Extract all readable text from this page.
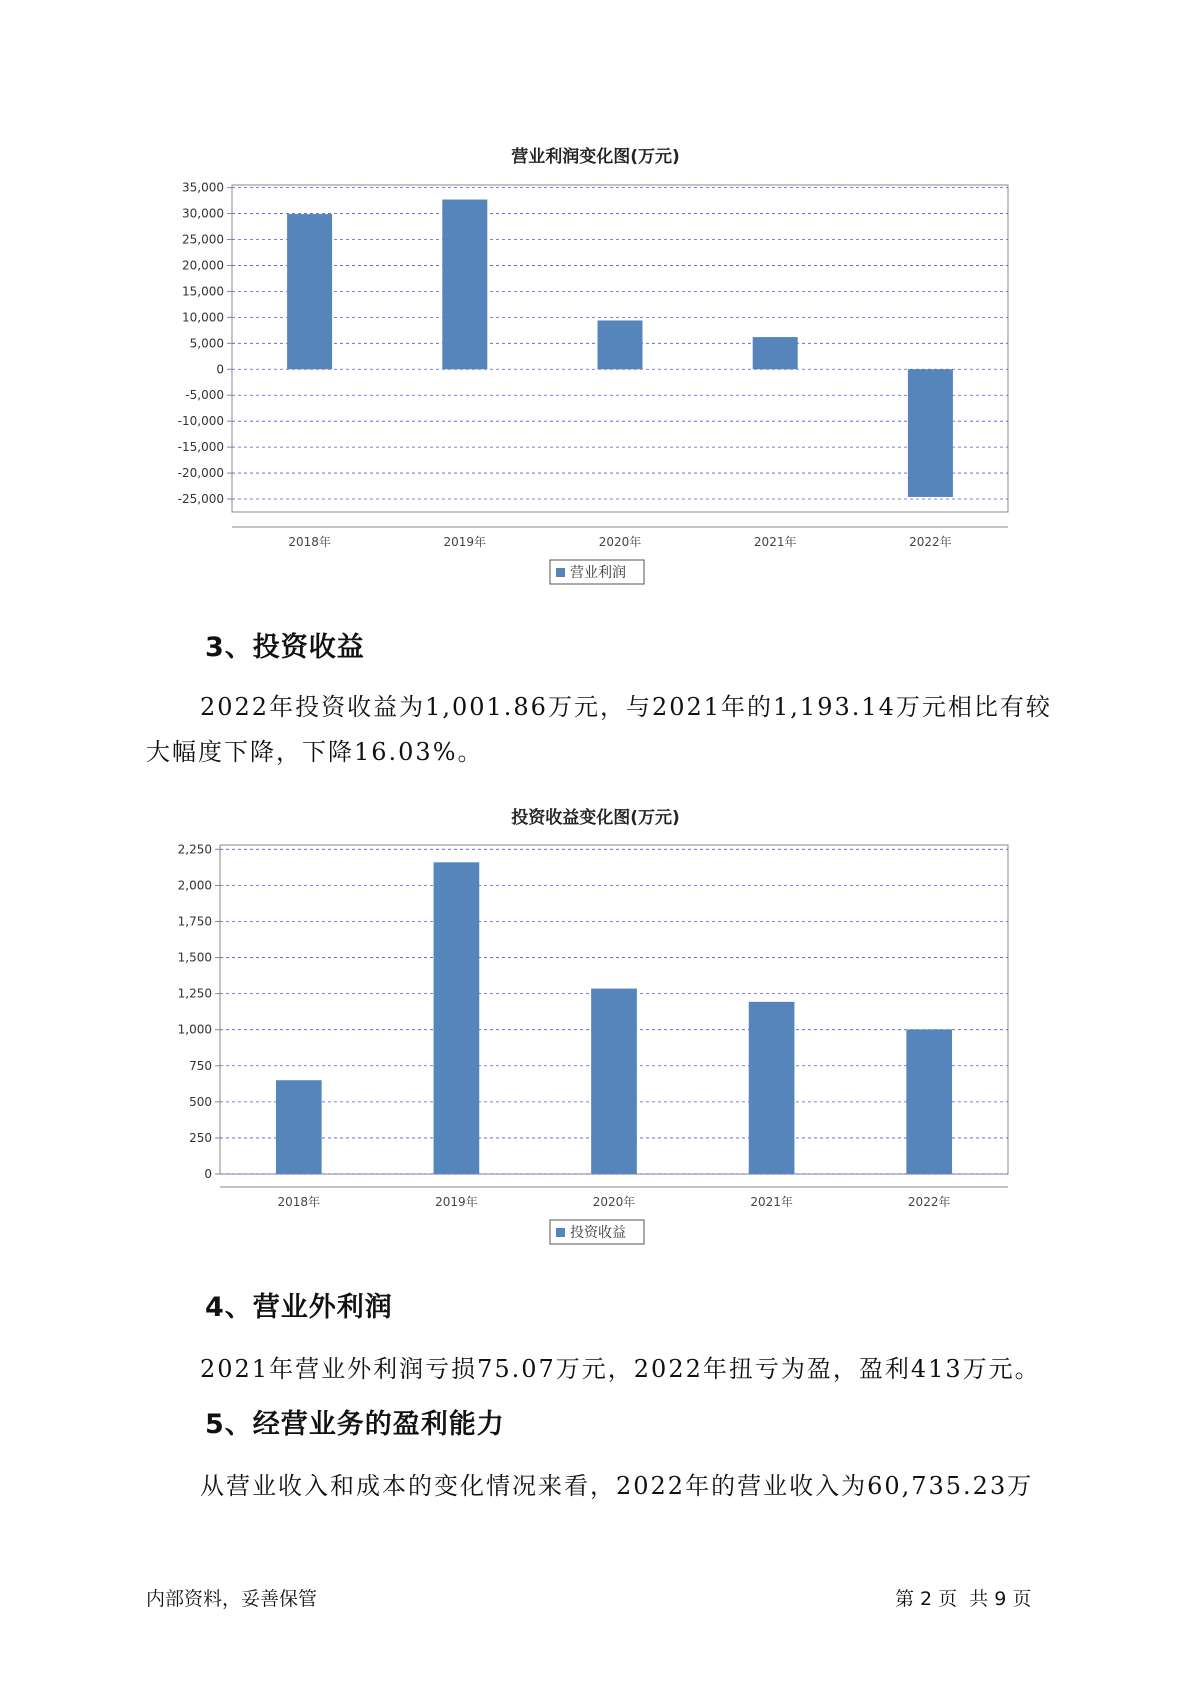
营业利润变化图(万元)
35,000
30,000
25,000
20,000
15,000
10,000
5,000
0
-5,000
-10,000
-15,000
-20,000
-25,000
2018年	2019年	2020年	2021年	2022年
营业利润
3、投资收益
2022年投资收益为1,001.86万元，与2021年的1,193.14万元相比有较
大幅度下降，下降16.03%。
投资收益变化图(万元)
0
250
500
750
1,000
1,250
1,500
1,750
2,000
2,250
2018年	2019年	2020年	2021年	2022年
投资收益
4、营业外利润
2021年营业外利润亏损75.07万元，2022年扭亏为盈，盈利413万元。
5、经营业务的盈利能力
从营业收入和成本的变化情况来看，2022年的营业收入为60,735.23万
内部资料，妥善保管	第 2 页  共 9 页
